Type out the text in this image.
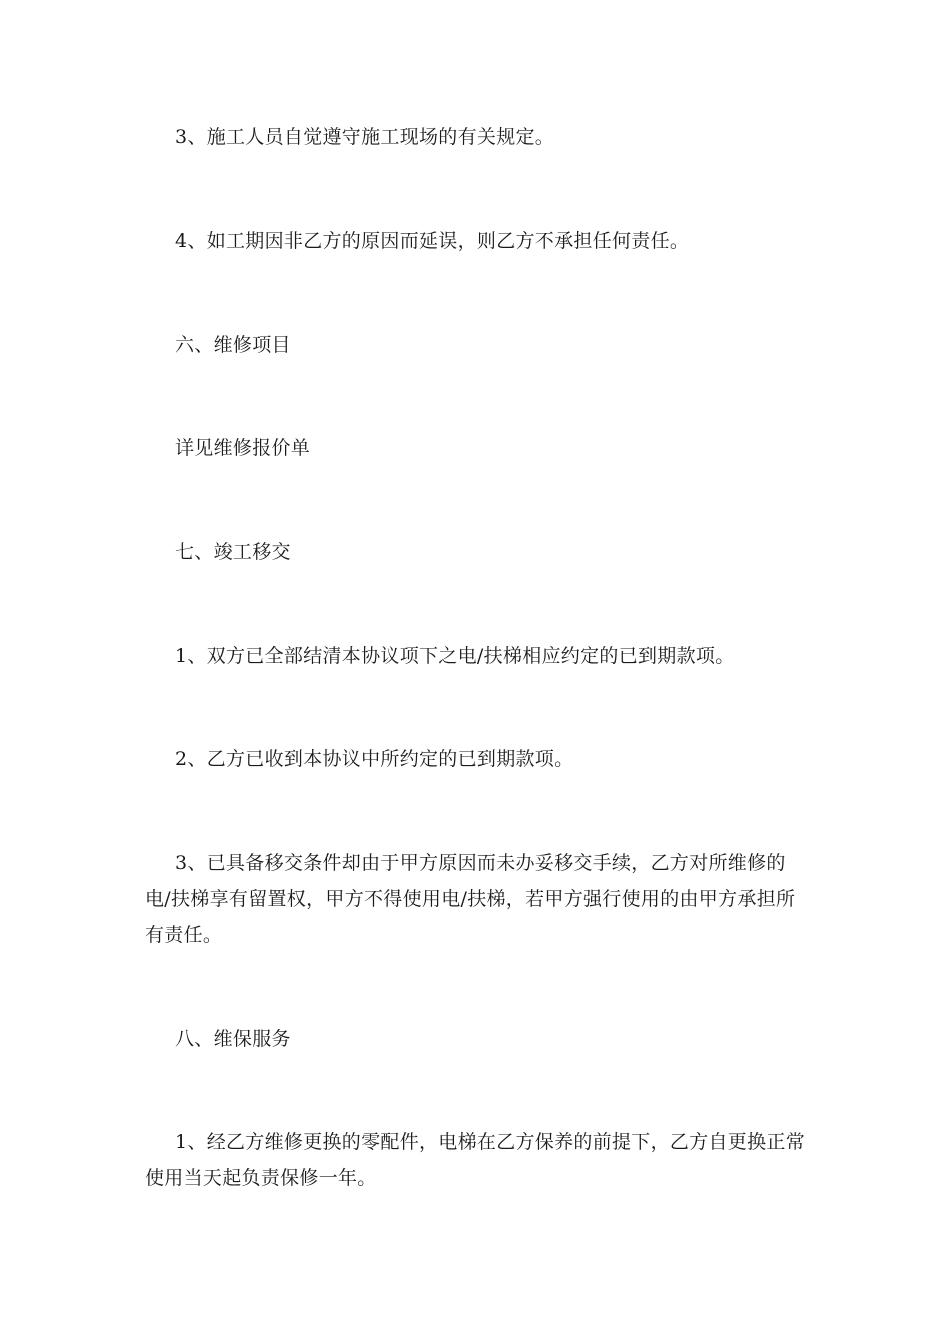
3、施工人员自觉遵守施工现场的有关规定。

4、如工期因非乙方的原因而延误，则乙方不承担任何责任。

六、维修项目

详见维修报价单

七、竣工移交

1、双方已全部结清本协议项下之电/扶梯相应约定的已到期款项。

2、乙方已收到本协议中所约定的已到期款项。

3、已具备移交条件却由于甲方原因而未办妥移交手续，乙方对所维修的电/扶梯享有留置权，甲方不得使用电/扶梯，若甲方强行使用的由甲方承担所有责任。

八、维保服务

1、经乙方维修更换的零配件，电梯在乙方保养的前提下，乙方自更换正常使用当天起负责保修一年。
